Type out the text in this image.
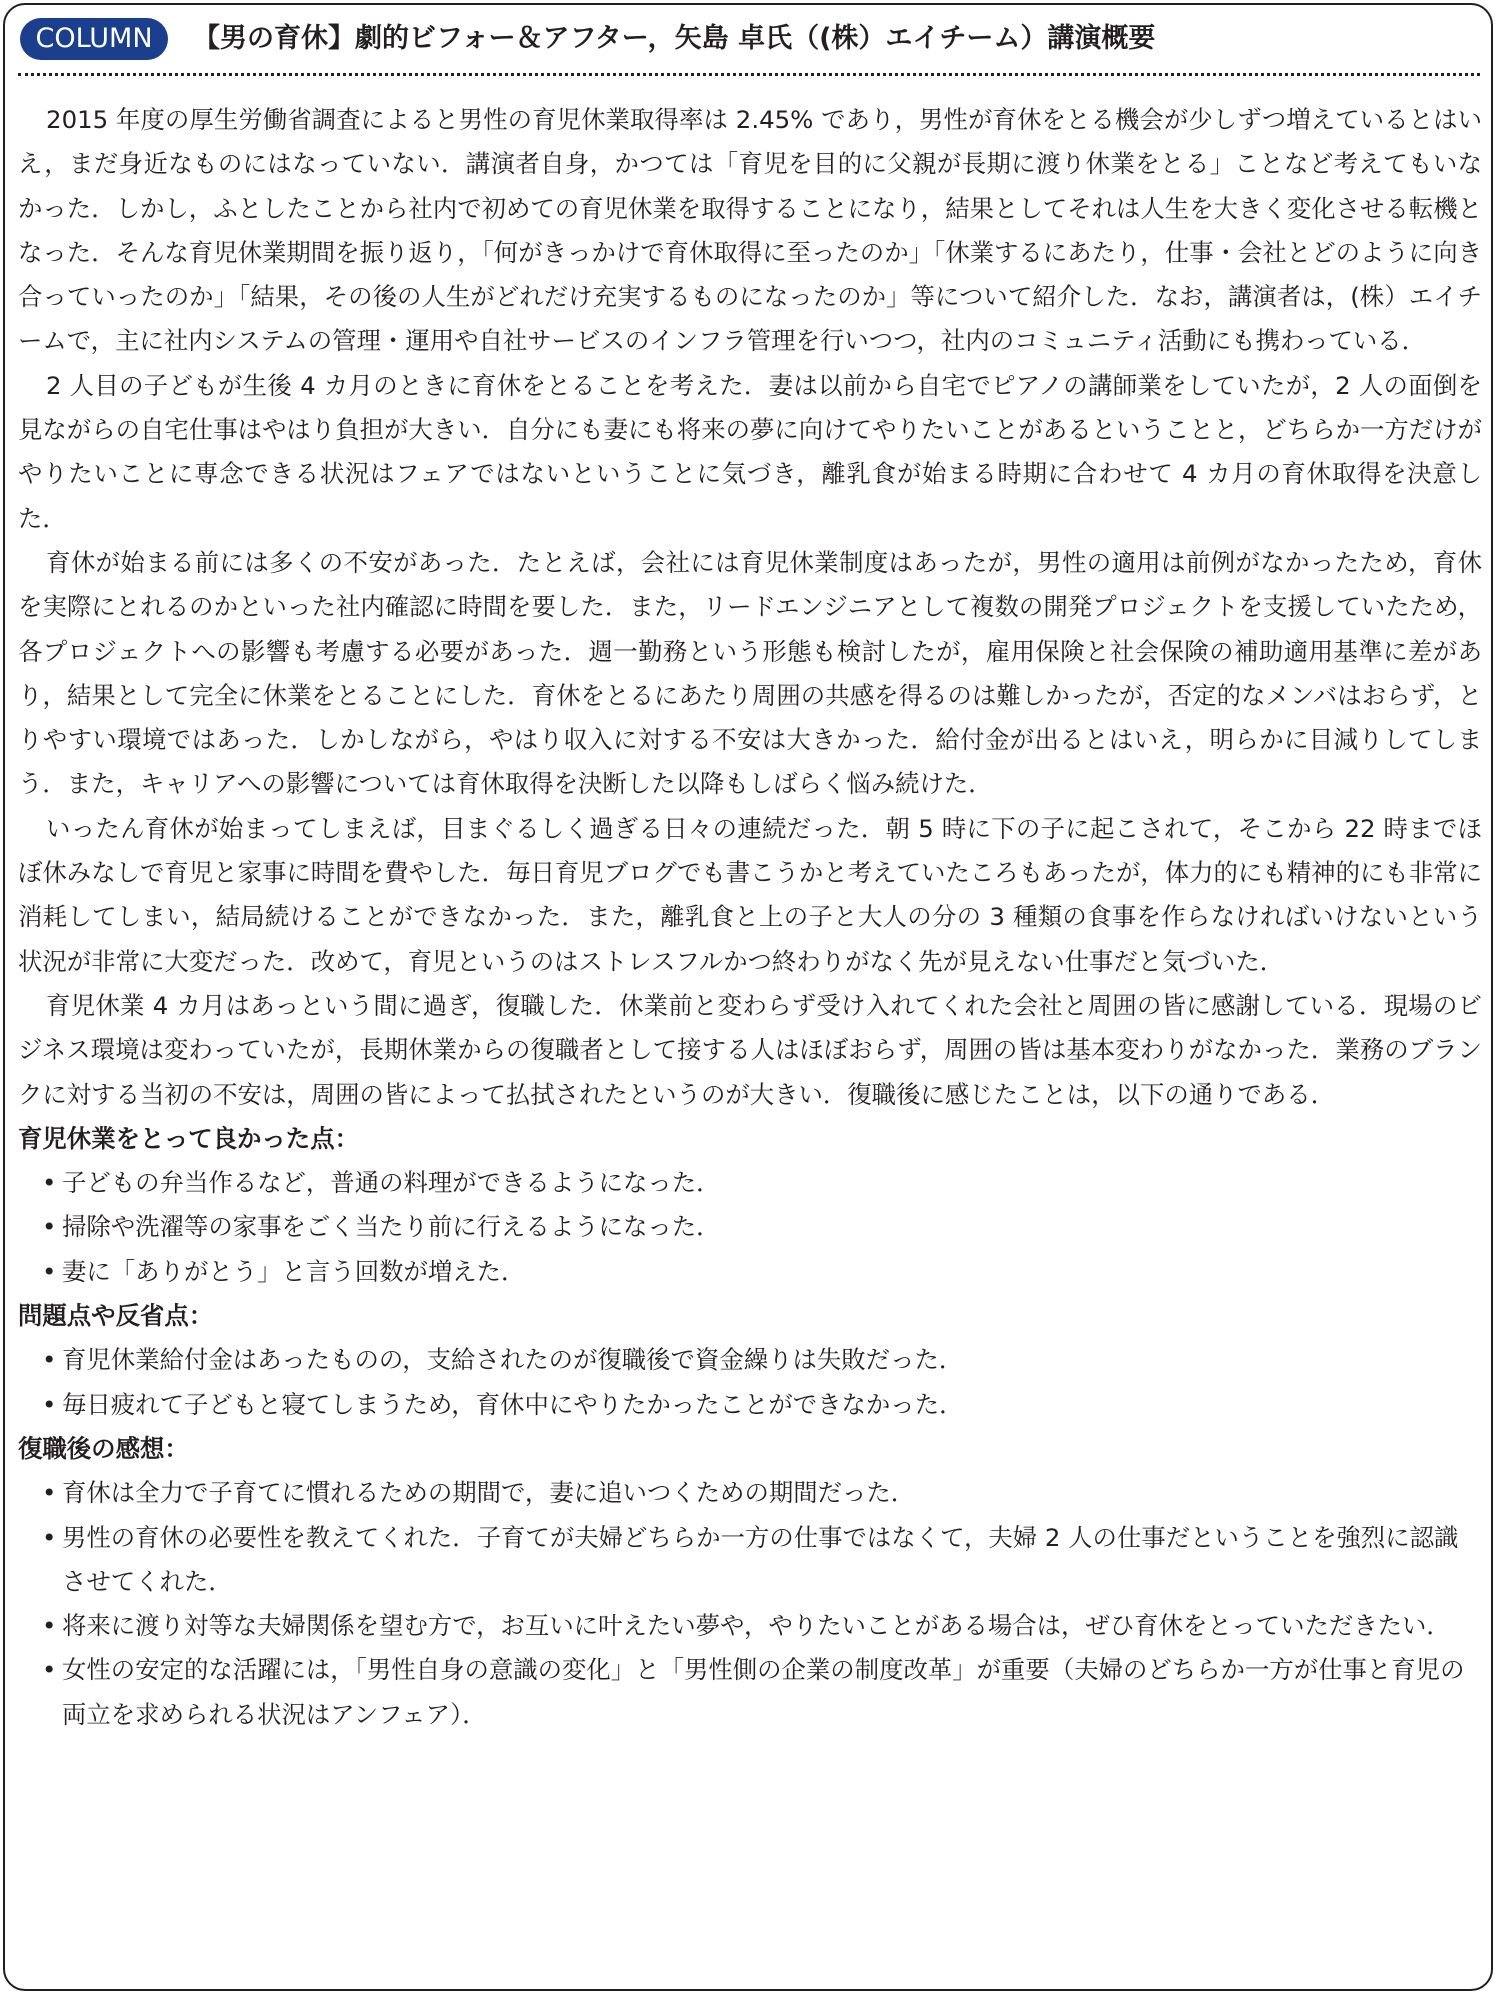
COLUMN	【男の育休】劇的ビフォー＆アフター，矢島 卓氏（(株）エイチーム）講演概要

2015 年度の厚生労働省調査によると男性の育児休業取得率は 2.45% であり，男性が育休をとる機会が少しずつ増えているとはいえ，まだ身近なものにはなっていない．講演者自身，かつては「育児を目的に父親が長期に渡り休業をとる」ことなど考えてもいなかった．しかし，ふとしたことから社内で初めての育児休業を取得することになり，結果としてそれは人生を大きく変化させる転機となった．そんな育児休業期間を振り返り，「何がきっかけで育休取得に至ったのか」「休業するにあたり，仕事・会社とどのように向き合っていったのか」「結果，その後の人生がどれだけ充実するものになったのか」等について紹介した．なお，講演者は，(株）エイチームで，主に社内システムの管理・運用や自社サービスのインフラ管理を行いつつ，社内のコミュニティ活動にも携わっている．

2 人目の子どもが生後 4 カ月のときに育休をとることを考えた．妻は以前から自宅でピアノの講師業をしていたが，2 人の面倒を見ながらの自宅仕事はやはり負担が大きい．自分にも妻にも将来の夢に向けてやりたいことがあるということと，どちらか一方だけがやりたいことに専念できる状況はフェアではないということに気づき，離乳食が始まる時期に合わせて 4 カ月の育休取得を決意した．

育休が始まる前には多くの不安があった．たとえば，会社には育児休業制度はあったが，男性の適用は前例がなかったため，育休を実際にとれるのかといった社内確認に時間を要した．また，リードエンジニアとして複数の開発プロジェクトを支援していたため，各プロジェクトへの影響も考慮する必要があった．週一勤務という形態も検討したが，雇用保険と社会保険の補助適用基準に差があり，結果として完全に休業をとることにした．育休をとるにあたり周囲の共感を得るのは難しかったが，否定的なメンバはおらず，とりやすい環境ではあった．しかしながら，やはり収入に対する不安は大きかった．給付金が出るとはいえ，明らかに目減りしてしまう．また，キャリアへの影響については育休取得を決断した以降もしばらく悩み続けた．

いったん育休が始まってしまえば，目まぐるしく過ぎる日々の連続だった．朝 5 時に下の子に起こされて，そこから 22 時までほぼ休みなしで育児と家事に時間を費やした．毎日育児ブログでも書こうかと考えていたころもあったが，体力的にも精神的にも非常に消耗してしまい，結局続けることができなかった．また，離乳食と上の子と大人の分の 3 種類の食事を作らなければいけないという状況が非常に大変だった．改めて，育児というのはストレスフルかつ終わりがなく先が見えない仕事だと気づいた．

育児休業 4 カ月はあっという間に過ぎ，復職した．休業前と変わらず受け入れてくれた会社と周囲の皆に感謝している．現場のビジネス環境は変わっていたが，長期休業からの復職者として接する人はほぼおらず，周囲の皆は基本変わりがなかった．業務のブランクに対する当初の不安は，周囲の皆によって払拭されたというのが大きい．復職後に感じたことは，以下の通りである．

育児休業をとって良かった点：
• 子どもの弁当作るなど，普通の料理ができるようになった．
• 掃除や洗濯等の家事をごく当たり前に行えるようになった．
• 妻に「ありがとう」と言う回数が増えた．
問題点や反省点：
• 育児休業給付金はあったものの，支給されたのが復職後で資金繰りは失敗だった．
• 毎日疲れて子どもと寝てしまうため，育休中にやりたかったことができなかった．
復職後の感想：
• 育休は全力で子育てに慣れるための期間で，妻に追いつくための期間だった．
• 男性の育休の必要性を教えてくれた．子育てが夫婦どちらか一方の仕事ではなくて，夫婦 2 人の仕事だということを強烈に認識させてくれた．
• 将来に渡り対等な夫婦関係を望む方で，お互いに叶えたい夢や，やりたいことがある場合は，ぜひ育休をとっていただきたい．
• 女性の安定的な活躍には，「男性自身の意識の変化」と「男性側の企業の制度改革」が重要（夫婦のどちらか一方が仕事と育児の両立を求められる状況はアンフェア）．
